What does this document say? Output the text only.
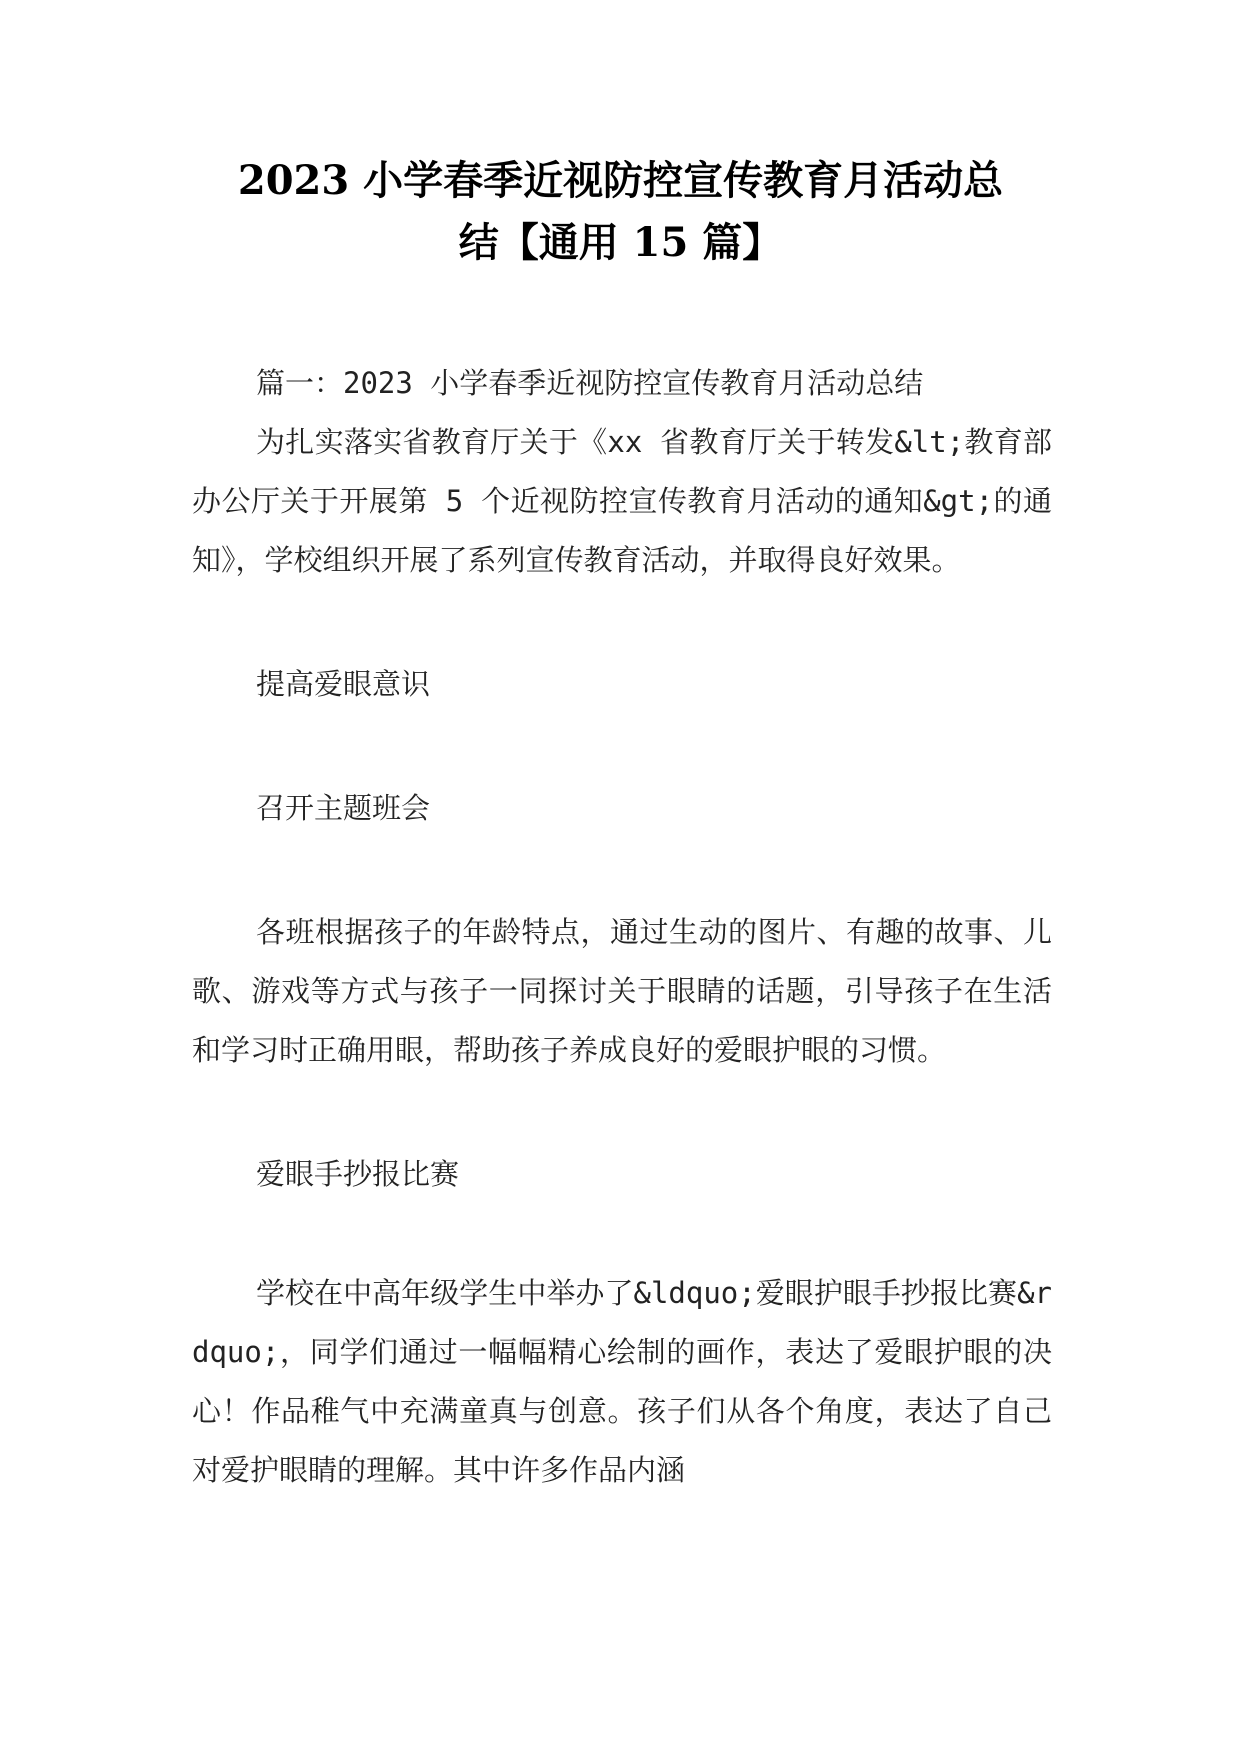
2023 小学春季近视防控宣传教育月活动总
结【通用 15 篇】

篇一：2023 小学春季近视防控宣传教育月活动总结

为扎实落实省教育厅关于《xx 省教育厅关于转发&lt;教育部办公厅关于开展第 5 个近视防控宣传教育月活动的通知&gt;的通知》，学校组织开展了系列宣传教育活动，并取得良好效果。

提高爱眼意识

召开主题班会

各班根据孩子的年龄特点，通过生动的图片、有趣的故事、儿歌、游戏等方式与孩子一同探讨关于眼睛的话题，引导孩子在生活和学习时正确用眼，帮助孩子养成良好的爱眼护眼的习惯。

爱眼手抄报比赛

学校在中高年级学生中举办了&ldquo;爱眼护眼手抄报比赛&rdquo;，同学们通过一幅幅精心绘制的画作，表达了爱眼护眼的决心！作品稚气中充满童真与创意。孩子们从各个角度，表达了自己对爱护眼睛的理解。其中许多作品内涵
